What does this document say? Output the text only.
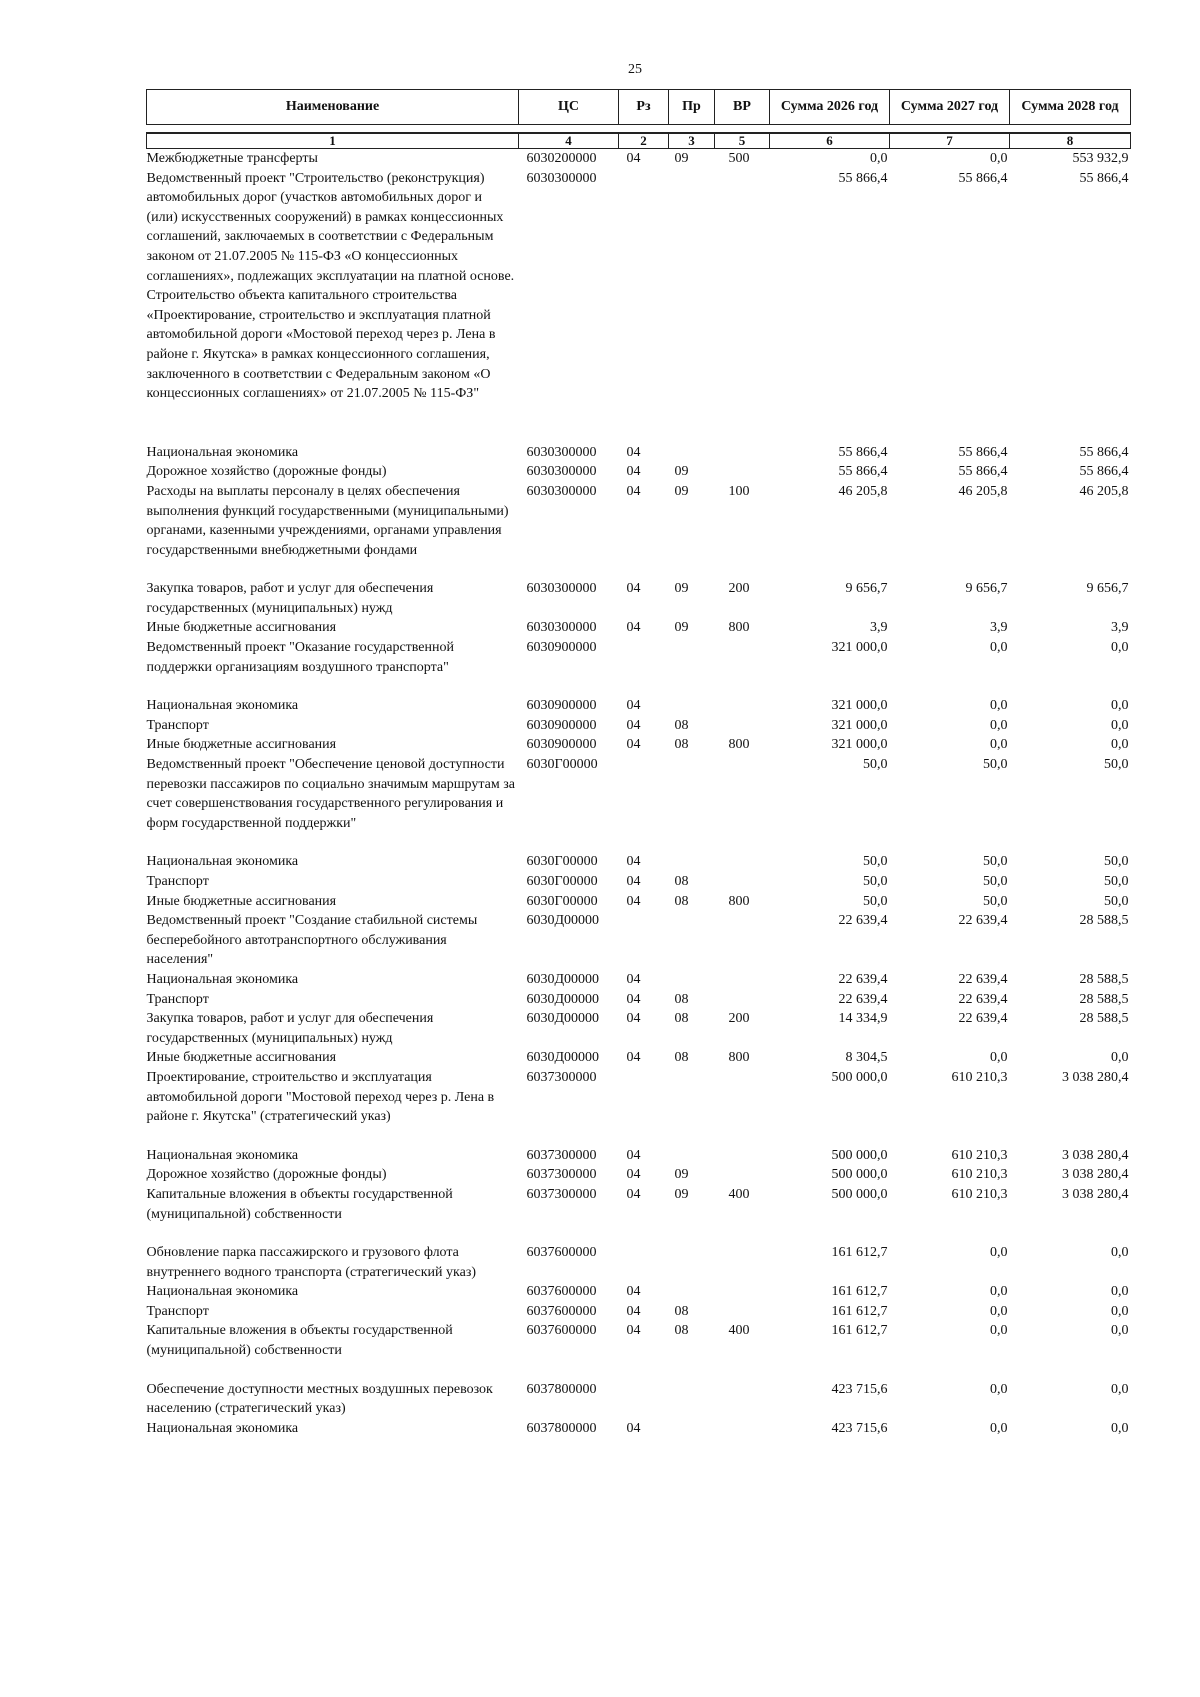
25
Наименование	ЦС	Рз	Пр	ВР	Сумма 2026 год	Сумма 2027 год	Сумма 2028 год

1	4	2	3	5	6	7	8
Межбюджетные трансферты	6030200000	04	09	500	0,0	0,0	553 932,9
Ведомственный проект "Строительство (реконструкция) автомобильных дорог (участков автомобильных дорог и (или) искусственных сооружений) в рамках концессионных соглашений, заключаемых в соответствии с Федеральным законом от 21.07.2005 № 115-ФЗ «О концессионных соглашениях», подлежащих эксплуатации на платной основе. Строительство объекта капитального строительства «Проектирование, строительство и эксплуатация платной автомобильной дороги «Мостовой переход через р. Лена в районе г. Якутска» в рамках концессионного соглашения, заключенного в соответствии с Федеральным законом «О концессионных соглашениях» от 21.07.2005 № 115-ФЗ"	6030300000				55 866,4	55 866,4	55 866,4
Национальная экономика	6030300000	04			55 866,4	55 866,4	55 866,4
Дорожное хозяйство (дорожные фонды)	6030300000	04	09		55 866,4	55 866,4	55 866,4
Расходы на выплаты персоналу в целях обеспечения выполнения функций государственными (муниципальными) органами, казенными учреждениями, органами управления государственными внебюджетными фондами	6030300000	04	09	100	46 205,8	46 205,8	46 205,8
Закупка товаров, работ и услуг для обеспечения государственных (муниципальных) нужд	6030300000	04	09	200	9 656,7	9 656,7	9 656,7
Иные бюджетные ассигнования	6030300000	04	09	800	3,9	3,9	3,9
Ведомственный проект "Оказание государственной поддержки организациям воздушного транспорта"	6030900000				321 000,0	0,0	0,0
Национальная экономика	6030900000	04			321 000,0	0,0	0,0
Транспорт	6030900000	04	08		321 000,0	0,0	0,0
Иные бюджетные ассигнования	6030900000	04	08	800	321 000,0	0,0	0,0
Ведомственный проект "Обеспечение ценовой доступности перевозки пассажиров по социально значимым маршрутам за счет совершенствования государственного регулирования и форм государственной поддержки"	6030Г00000				50,0	50,0	50,0
Национальная экономика	6030Г00000	04			50,0	50,0	50,0
Транспорт	6030Г00000	04	08		50,0	50,0	50,0
Иные бюджетные ассигнования	6030Г00000	04	08	800	50,0	50,0	50,0
Ведомственный проект "Создание стабильной системы бесперебойного автотранспортного обслуживания населения"	6030Д00000				22 639,4	22 639,4	28 588,5
Национальная экономика	6030Д00000	04			22 639,4	22 639,4	28 588,5
Транспорт	6030Д00000	04	08		22 639,4	22 639,4	28 588,5
Закупка товаров, работ и услуг для обеспечения государственных (муниципальных) нужд	6030Д00000	04	08	200	14 334,9	22 639,4	28 588,5
Иные бюджетные ассигнования	6030Д00000	04	08	800	8 304,5	0,0	0,0
Проектирование, строительство и эксплуатация автомобильной дороги "Мостовой переход через р. Лена в районе г. Якутска" (стратегический указ)	6037300000				500 000,0	610 210,3	3 038 280,4
Национальная экономика	6037300000	04			500 000,0	610 210,3	3 038 280,4
Дорожное хозяйство (дорожные фонды)	6037300000	04	09		500 000,0	610 210,3	3 038 280,4
Капитальные вложения в объекты государственной (муниципальной) собственности	6037300000	04	09	400	500 000,0	610 210,3	3 038 280,4
Обновление парка пассажирского и грузового флота внутреннего водного транспорта (стратегический указ)	6037600000				161 612,7	0,0	0,0
Национальная экономика	6037600000	04			161 612,7	0,0	0,0
Транспорт	6037600000	04	08		161 612,7	0,0	0,0
Капитальные вложения в объекты государственной (муниципальной) собственности	6037600000	04	08	400	161 612,7	0,0	0,0
Обеспечение доступности местных воздушных перевозок населению (стратегический указ)	6037800000				423 715,6	0,0	0,0
Национальная экономика	6037800000	04			423 715,6	0,0	0,0
